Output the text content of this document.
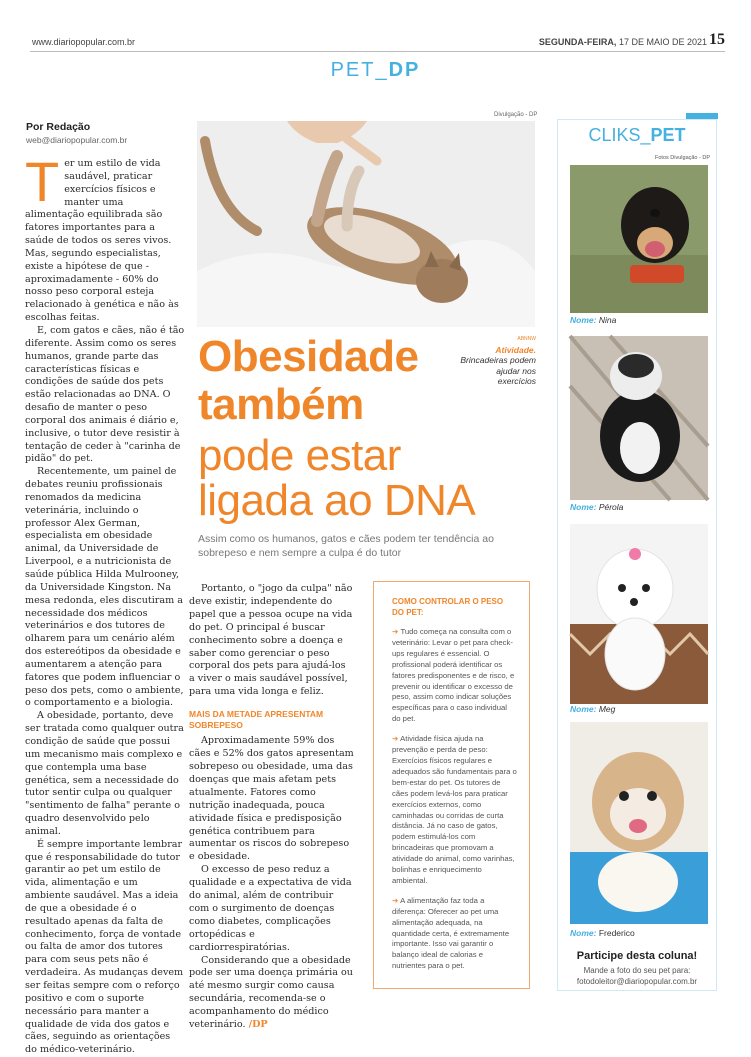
www.diariopopular.com.br	SEGUNDA-FEIRA, 17 DE MAIO DE 2021 15
PET_DP
Por Redação
web@diariopopular.com.br

Ter um estilo de vida saudável, praticar exercícios físicos e manter uma alimentação equilibrada são fatores importantes para a saúde de todos os seres vivos. Mas, segundo especialistas, existe a hipótese de que - aproximadamente - 60% do nosso peso corporal esteja relacionado à genética e não às escolhas feitas.

E, com gatos e cães, não é tão diferente. Assim como os seres humanos, grande parte das características físicas e condições de saúde dos pets estão relacionadas ao DNA. O desafio de manter o peso corporal dos animais é diário e, inclusive, o tutor deve resistir à tentação de ceder à "carinha de pidão" do pet.

Recentemente, um painel de debates reuniu profissionais renomados da medicina veterinária, incluindo o professor Alex German, especialista em obesidade animal, da Universidade de Liverpool, e a nutricionista de saúde pública Hilda Mulrooney, da Universidade Kingston. Na mesa redonda, eles discutiram a necessidade dos médicos veterinários e dos tutores de olharem para um cenário além dos estereótipos da obesidade e aumentarem a atenção para fatores que podem influenciar o peso dos pets, como o ambiente, o comportamento e a biologia.

A obesidade, portanto, deve ser tratada como qualquer outra condição de saúde que possui um mecanismo mais complexo e que contempla uma base genética, sem a necessidade do tutor sentir culpa ou qualquer "sentimento de falha" perante o quadro desenvolvido pelo animal.

É sempre importante lembrar que é responsabilidade do tutor garantir ao pet um estilo de vida, alimentação e um ambiente saudável. Mas a ideia de que a obesidade é o resultado apenas da falta de conhecimento, força de vontade ou falta de amor dos tutores para com seus pets não é verdadeira. As mudanças devem ser feitas sempre com o reforço positivo e com o suporte necessário para manter a qualidade de vida dos gatos e cães, seguindo as orientações do médico-veterinário.

Divulgação - DP
ABNNW
Atividade. Brincadeiras podem ajudar nos exercícios
Obesidade
também
pode estar
ligada ao DNA
Assim como os humanos, gatos e cães podem ter tendência ao sobrepeso e nem sempre a culpa é do tutor

Portanto, o "jogo da culpa" não deve existir, independente do papel que a pessoa ocupe na vida do pet. O principal é buscar conhecimento sobre a doença e saber como gerenciar o peso corporal dos pets para ajudá-los a viver o mais saudável possível, para uma vida longa e feliz.

MAIS DA METADE APRESENTAM SOBREPESO

Aproximadamente 59% dos cães e 52% dos gatos apresentam sobrepeso ou obesidade, uma das doenças que mais afetam pets atualmente. Fatores como nutrição inadequada, pouca atividade física e predisposição genética contribuem para aumentar os riscos do sobrepeso e obesidade.

O excesso de peso reduz a qualidade e a expectativa de vida do animal, além de contribuir com o surgimento de doenças como diabetes, complicações ortopédicas e cardiorrespiratórias.

Considerando que a obesidade pode ser uma doença primária ou até mesmo surgir como causa secundária, recomenda-se o acompanhamento do médico veterinário. /DP

COMO CONTROLAR O PESO DO PET:

➔ Tudo começa na consulta com o veterinário: Levar o pet para check-ups regulares é essencial. O profissional poderá identificar os fatores predisponentes e de risco, e prevenir ou identificar o excesso de peso, assim como indicar soluções específicas para o caso individual do pet.

➔ Atividade física ajuda na prevenção e perda de peso: Exercícios físicos regulares e adequados são fundamentais para o bem-estar do pet. Os tutores de cães podem levá-los para praticar exercícios externos, como caminhadas ou corridas de curta distância. Já no caso de gatos, podem estimulá-los com brincadeiras que promovam a atividade do animal, como varinhas, bolinhas e enriquecimento ambiental.

➔ A alimentação faz toda a diferença: Oferecer ao pet uma alimentação adequada, na quantidade certa, é extremamente importante. Isso vai garantir o balanço ideal de calorias e nutrientes para o pet.

CLIKS_PET
Fotos Divulgação - DP
Nome: Nina
Nome: Pérola
Nome: Meg
Nome: Frederico
Participe desta coluna!
Mande a foto do seu pet para:
fotodoleitor@diariopopular.com.br
